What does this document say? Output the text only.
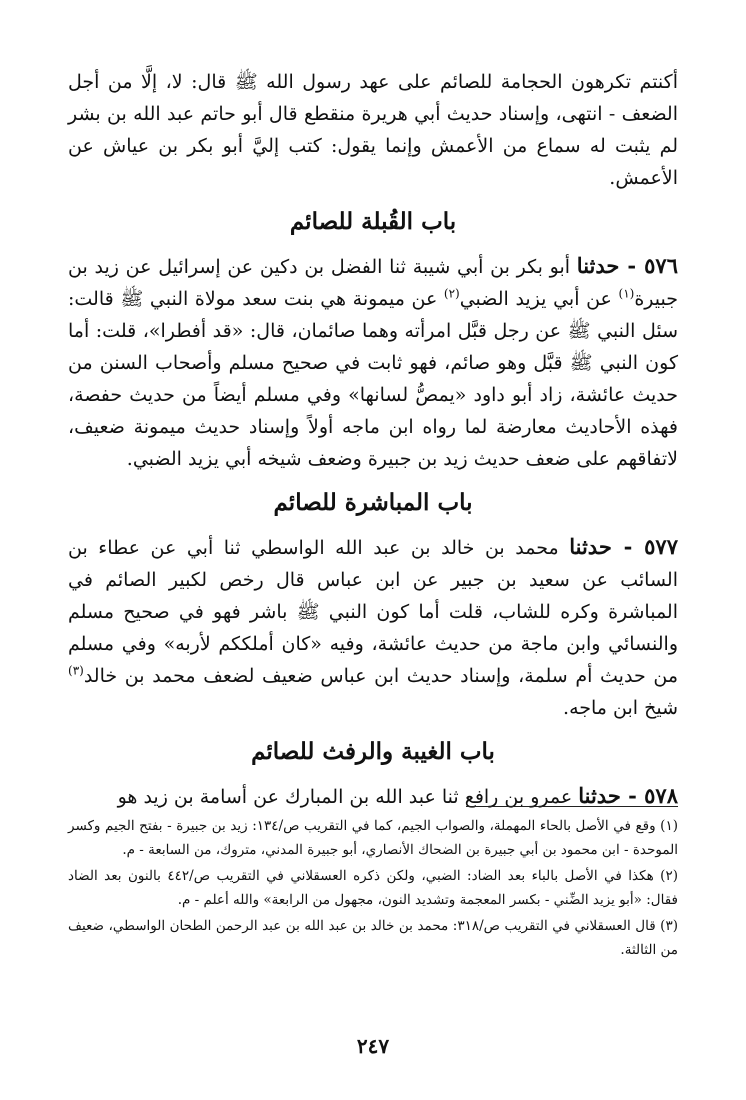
أكنتم تكرهون الحجامة للصائم على عهد رسول الله ﷺ قال: لا، إلَّا من أجل الضعف - انتهى، وإسناد حديث أبي هريرة منقطع قال أبو حاتم عبد الله بن بشر لم يثبت له سماع من الأعمش وإنما يقول: كتب إليَّ أبو بكر بن عياش عن الأعمش.

باب القُبلة للصائم

٥٧٦ - حدثنا أبو بكر بن أبي شيبة ثنا الفضل بن دكين عن إسرائيل عن زيد بن جبيرة$^{(١)}$ عن أبي يزيد الضبي$^{(٢)}$ عن ميمونة هي بنت سعد مولاة النبي ﷺ قالت: سئل النبي ﷺ عن رجل قبَّل امرأته وهما صائمان، قال: «قد أفطرا»، قلت: أما كون النبي ﷺ قبَّل وهو صائم، فهو ثابت في صحيح مسلم وأصحاب السنن من حديث عائشة، زاد أبو داود «يمصُّ لسانها» وفي مسلم أيضاً من حديث حفصة، فهذه الأحاديث معارضة لما رواه ابن ماجه أولاً وإسناد حديث ميمونة ضعيف، لاتفاقهم على ضعف حديث زيد بن جبيرة وضعف شيخه أبي يزيد الضبي.

باب المباشرة للصائم

٥٧٧ - حدثنا محمد بن خالد بن عبد الله الواسطي ثنا أبي عن عطاء بن السائب عن سعيد بن جبير عن ابن عباس قال رخص لكبير الصائم في المباشرة وكره للشاب، قلت أما كون النبي ﷺ باشر فهو في صحيح مسلم والنسائي وابن ماجة من حديث عائشة، وفيه «كان أملككم لأربه» وفي مسلم من حديث أم سلمة، وإسناد حديث ابن عباس ضعيف لضعف محمد بن خالد$^{(٣)}$ شيخ ابن ماجه.

باب الغيبة والرفث للصائم

٥٧٨ - حدثنا عمرو بن رافع ثنا عبد الله بن المبارك عن أسامة بن زيد هو

(١) وقع في الأصل بالحاء المهملة، والصواب الجيم، كما في التقريب ص/١٣٤: زيد بن جبيرة - بفتح الجيم وكسر الموحدة - ابن محمود بن أبي جبيرة بن الضحاك الأنصاري، أبو جبيرة المدني، متروك، من السابعة - م.

(٢) هكذا في الأصل بالباء بعد الضاد: الضبي، ولكن ذكره العسقلاني في التقريب ص/٤٤٢ بالنون بعد الضاد فقال: «أبو يزيد الضِّني - بكسر المعجمة وتشديد النون، مجهول من الرابعة» والله أعلم - م.

(٣) قال العسقلاني في التقريب ص/٣١٨: محمد بن خالد بن عبد الله بن عبد الرحمن الطحان الواسطي، ضعيف من الثالثة.

٢٤٧
